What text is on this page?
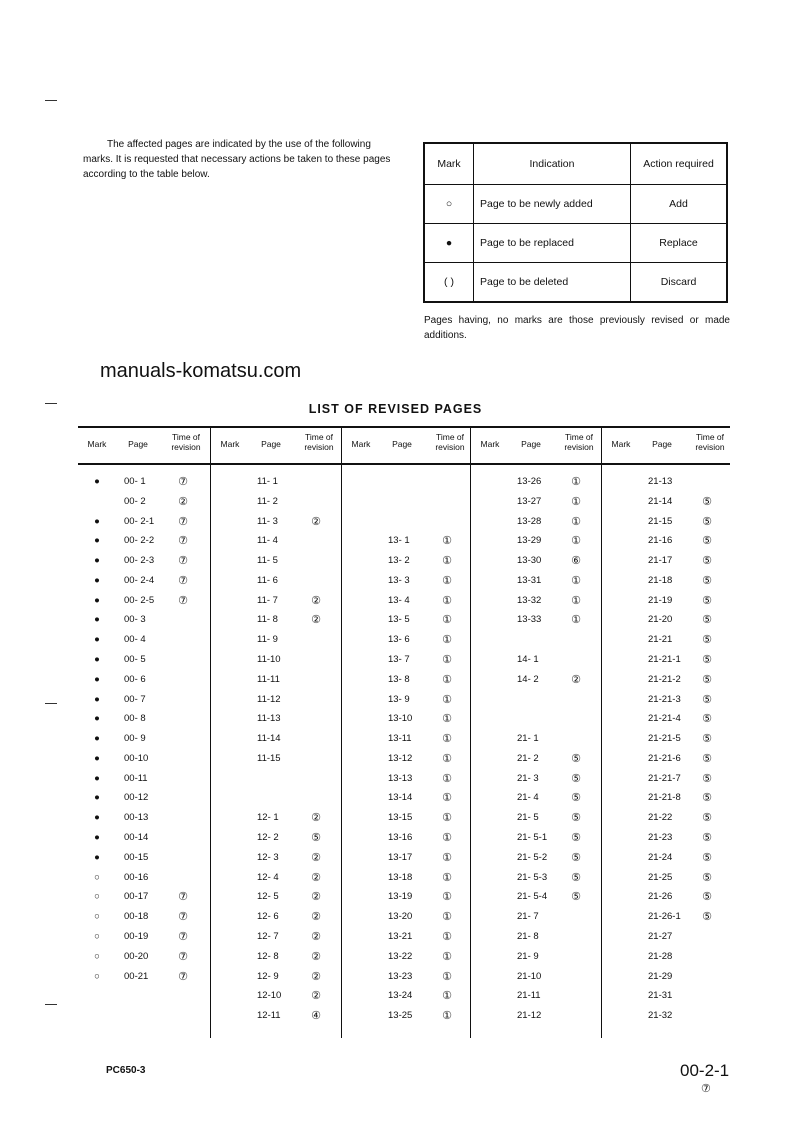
The affected pages are indicated by the use of the following marks. It is requested that necessary actions be taken to these pages according to the table below.
Mark	Indication	Action required
○	Page to be newly added	Add
●	Page to be replaced	Replace
( )	Page to be deleted	Discard
Pages having, no marks are those previously revised or made additions.
manuals-komatsu.com
LIST OF REVISED PAGES
Mark	Page
Time of revision
●	00- 1	⑦
00- 2	②
●	00- 2-1	⑦
●	00- 2-2	⑦
●	00- 2-3	⑦
●	00- 2-4	⑦
●	00- 2-5	⑦
●	00- 3
●	00- 4
●	00- 5
●	00- 6
●	00- 7
●	00- 8
●	00- 9
●	00-10
●	00-11
●	00-12
●	00-13
●	00-14
●	00-15
○	00-16
○	00-17	⑦
○	00-18	⑦
○	00-19	⑦
○	00-20	⑦
○	00-21	⑦
Mark	Page
Time of revision
11- 1
11- 2
11- 3	②
11- 4
11- 5
11- 6
11- 7	②
11- 8	②
11- 9
11-10
11-11
11-12
11-13
11-14
11-15
12- 1	②
12- 2	⑤
12- 3	②
12- 4	②
12- 5	②
12- 6	②
12- 7	②
12- 8	②
12- 9	②
12-10	②
12-11	④
Mark	Page
Time of revision
13- 1	①
13- 2	①
13- 3	①
13- 4	①
13- 5	①
13- 6	①
13- 7	①
13- 8	①
13- 9	①
13-10	①
13-11	①
13-12	①
13-13	①
13-14	①
13-15	①
13-16	①
13-17	①
13-18	①
13-19	①
13-20	①
13-21	①
13-22	①
13-23	①
13-24	①
13-25	①
Mark	Page
Time of revision
13-26	①
13-27	①
13-28	①
13-29	①
13-30	⑥
13-31	①
13-32	①
13-33	①
14- 1
14- 2	②
21- 1
21- 2	⑤
21- 3	⑤
21- 4	⑤
21- 5	⑤
21- 5-1	⑤
21- 5-2	⑤
21- 5-3	⑤
21- 5-4	⑤
21- 7
21- 8
21- 9
21-10
21-11
21-12
Mark	Page
Time of revision
21-13
21-14	⑤
21-15	⑤
21-16	⑤
21-17	⑤
21-18	⑤
21-19	⑤
21-20	⑤
21-21	⑤
21-21-1	⑤
21-21-2	⑤
21-21-3	⑤
21-21-4	⑤
21-21-5	⑤
21-21-6	⑤
21-21-7	⑤
21-21-8	⑤
21-22	⑤
21-23	⑤
21-24	⑤
21-25	⑤
21-26	⑤
21-26-1	⑤
21-27
21-28
21-29
21-31
21-32
PC650-3	00-2-1
⑦
